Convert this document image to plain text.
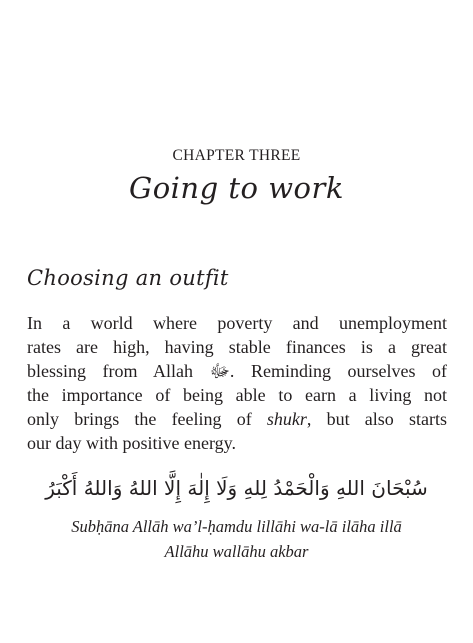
CHAPTER THREE
Going to work
Choosing an outfit
In a world where poverty and unemployment
rates are high, having stable finances is a great
blessing from Allah ﷻ. Reminding ourselves of
the importance of being able to earn a living not
only brings the feeling of shukr, but also starts
our day with positive energy.
سُبْحَانَ اللهِ وَالْحَمْدُ لِلهِ وَلَا إِلٰهَ إِلَّا اللهُ وَاللهُ أَكْبَرُ
Subḥāna Allāh wa’l-ḥamdu lillāhi wa-lā ilāha illā
Allāhu wallāhu akbar
